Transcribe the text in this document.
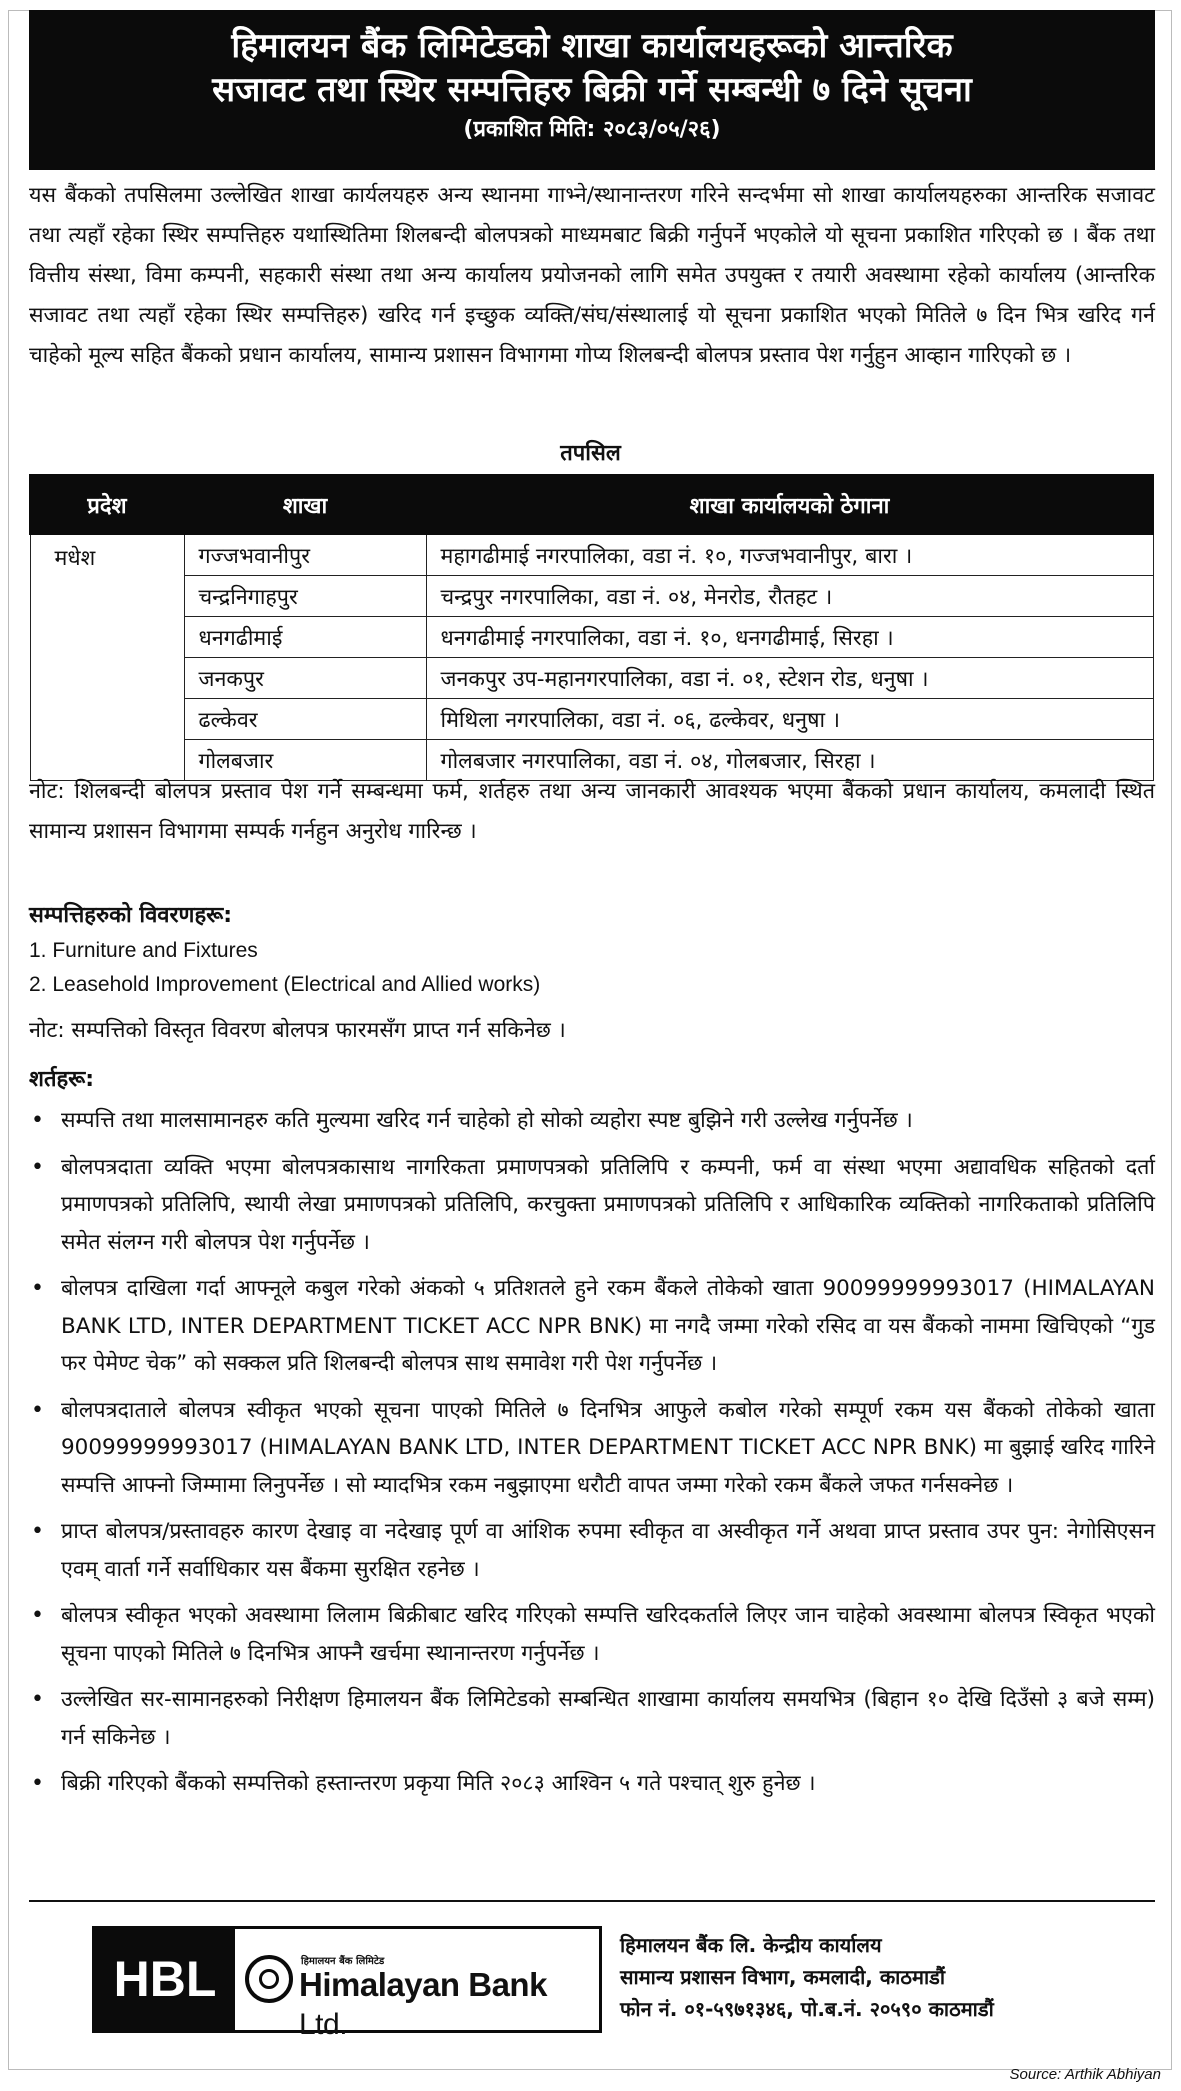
हिमालयन बैंक लिमिटेडको शाखा कार्यालयहरूको आन्तरिक
सजावट तथा स्थिर सम्पत्तिहरु बिक्री गर्ने सम्बन्धी ७ दिने सूचना
(प्रकाशित मिति: २०८३/०५/२६)
यस बैंकको तपसिलमा उल्लेखित शाखा कार्यलयहरु अन्य स्थानमा गाभ्ने/स्थानान्तरण गरिने सन्दर्भमा सो शाखा कार्यालयहरुका आन्तरिक सजावट तथा त्यहाँ रहेका स्थिर सम्पत्तिहरु यथास्थितिमा शिलबन्दी बोलपत्रको माध्यमबाट बिक्री गर्नुपर्ने भएकोले यो सूचना प्रकाशित गरिएको छ । बैंक तथा वित्तीय संस्था, विमा कम्पनी, सहकारी संस्था तथा अन्य कार्यालय प्रयोजनको लागि समेत उपयुक्त र तयारी अवस्थामा रहेको कार्यालय (आन्तरिक सजावट तथा त्यहाँ रहेका स्थिर सम्पत्तिहरु) खरिद गर्न इच्छुक व्यक्ति/संघ/संस्थालाई यो सूचना प्रकाशित भएको मितिले ७ दिन भित्र खरिद गर्न चाहेको मूल्य सहित बैंकको प्रधान कार्यालय, सामान्य प्रशासन विभागमा गोप्य शिलबन्दी बोलपत्र प्रस्ताव पेश गर्नुहुन आव्हान गारिएको छ ।
तपसिल
प्रदेश	शाखा	शाखा कार्यालयको ठेगाना
मधेश	गज्जभवानीपुर	महागढीमाई नगरपालिका, वडा नं. १०, गज्जभवानीपुर, बारा ।
	चन्द्रनिगाहपुर	चन्द्रपुर नगरपालिका, वडा नं. ०४, मेनरोड, रौतहट ।
	धनगढीमाई	धनगढीमाई नगरपालिका, वडा नं. १०, धनगढीमाई, सिरहा ।
	जनकपुर	जनकपुर उप-महानगरपालिका, वडा नं. ०१, स्टेशन रोड, धनुषा ।
	ढल्केवर	मिथिला नगरपालिका, वडा नं. ०६, ढल्केवर, धनुषा ।
	गोलबजार	गोलबजार नगरपालिका, वडा नं. ०४, गोलबजार, सिरहा ।
नोट: शिलबन्दी बोलपत्र प्रस्ताव पेश गर्ने सम्बन्धमा फर्म, शर्तहरु तथा अन्य जानकारी आवश्यक भएमा बैंकको प्रधान कार्यालय, कमलादी स्थित सामान्य प्रशासन विभागमा सम्पर्क गर्नहुन अनुरोध गारिन्छ ।
सम्पत्तिहरुको विवरणहरू:
1. Furniture and Fixtures
2. Leasehold Improvement (Electrical and Allied works)
नोट: सम्पत्तिको विस्तृत विवरण बोलपत्र फारमसँग प्राप्त गर्न सकिनेछ ।
शर्तहरू:
• सम्पत्ति तथा मालसामानहरु कति मुल्यमा खरिद गर्न चाहेको हो सोको व्यहोरा स्पष्ट बुझिने गरी उल्लेख गर्नुपर्नेछ ।
• बोलपत्रदाता व्यक्ति भएमा बोलपत्रकासाथ नागरिकता प्रमाणपत्रको प्रतिलिपि र कम्पनी, फर्म वा संस्था भएमा अद्यावधिक सहितको दर्ता प्रमाणपत्रको प्रतिलिपि, स्थायी लेखा प्रमाणपत्रको प्रतिलिपि, करचुक्ता प्रमाणपत्रको प्रतिलिपि र आधिकारिक व्यक्तिको नागरिकताको प्रतिलिपि समेत संलग्न गरी बोलपत्र पेश गर्नुपर्नेछ ।
• बोलपत्र दाखिला गर्दा आफ्नूले कबुल गरेको अंकको ५ प्रतिशतले हुने रकम बैंकले तोकेको खाता 90099999993017 (HIMALAYAN BANK LTD, INTER DEPARTMENT TICKET ACC NPR BNK) मा नगदै जम्मा गरेको रसिद वा यस बैंकको नाममा खिचिएको “गुड फर पेमेण्ट चेक” को सक्कल प्रति शिलबन्दी बोलपत्र साथ समावेश गरी पेश गर्नुपर्नेछ ।
• बोलपत्रदाताले बोलपत्र स्वीकृत भएको सूचना पाएको मितिले ७ दिनभित्र आफुले कबोल गरेको सम्पूर्ण रकम यस बैंकको तोकेको खाता 90099999993017 (HIMALAYAN BANK LTD, INTER DEPARTMENT TICKET ACC NPR BNK) मा बुझाई खरिद गारिने सम्पत्ति आफ्नो जिम्मामा लिनुपर्नेछ । सो म्यादभित्र रकम नबुझाएमा धरौटी वापत जम्मा गरेको रकम बैंकले जफत गर्नसक्नेछ ।
• प्राप्त बोलपत्र/प्रस्तावहरु कारण देखाइ वा नदेखाइ पूर्ण वा आंशिक रुपमा स्वीकृत वा अस्वीकृत गर्ने अथवा प्राप्त प्रस्ताव उपर पुन: नेगोसिएसन एवम् वार्ता गर्ने सर्वाधिकार यस बैंकमा सुरक्षित रहनेछ ।
• बोलपत्र स्वीकृत भएको अवस्थामा लिलाम बिक्रीबाट खरिद गरिएको सम्पत्ति खरिदकर्ताले लिएर जान चाहेको अवस्थामा बोलपत्र स्विकृत भएको सूचना पाएको मितिले ७ दिनभित्र आफ्नै खर्चमा स्थानान्तरण गर्नुपर्नेछ ।
• उल्लेखित सर-सामानहरुको निरीक्षण हिमालयन बैंक लिमिटेडको सम्बन्धित शाखामा कार्यालय समयभित्र (बिहान १० देखि दिउँसो ३ बजे सम्म) गर्न सकिनेछ ।
• बिक्री गरिएको बैंकको सम्पत्तिको हस्तान्तरण प्रकृया मिति २०८३ आश्विन ५ गते पश्चात् शुरु हुनेछ ।
HBL	हिमालयन बैंक लिमिटेड
Himalayan Bank Ltd.
हिमालयन बैंक लि. केन्द्रीय कार्यालय
सामान्य प्रशासन विभाग, कमलादी, काठमाडौं
फोन नं. ०१-५९७१३४६, पो.ब.नं. २०५९० काठमाडौं
Source: Arthik Abhiyan
